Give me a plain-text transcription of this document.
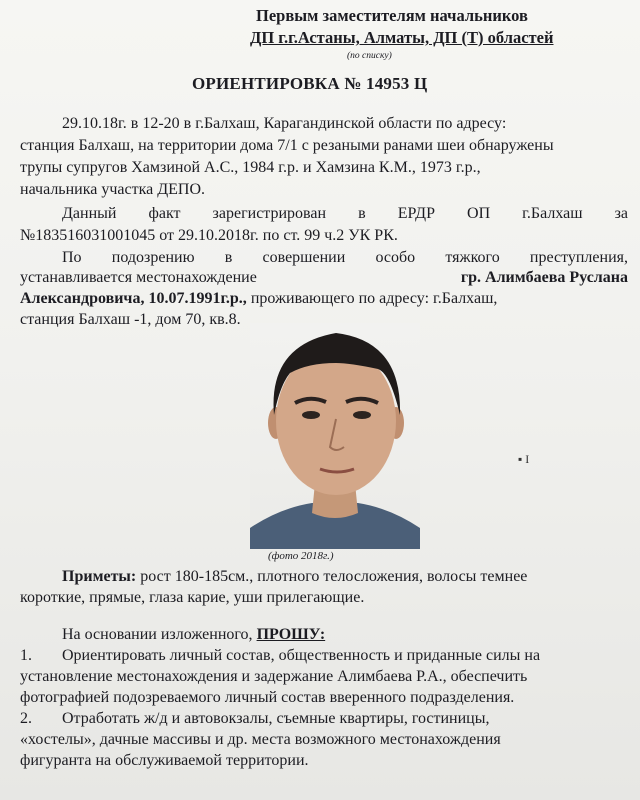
Первым заместителям начальников
ДП г.г.Астаны, Алматы, ДП (Т) областей
(по списку)
ОРИЕНТИРОВКА № 14953 Ц
29.10.18г. в 12-20 в г.Балхаш, Карагандинской области по адресу:
станция Балхаш, на территории дома 7/1 с резаными ранами шеи обнаружены
трупы супругов Хамзиной А.С., 1984 г.р. и Хамзина К.М., 1973 г.р.,
начальника участка ДЕПО.
Данный факт зарегистрирован в ЕРДР ОП г.Балхаш за
№183516031001045 от 29.10.2018г. по ст. 99 ч.2 УК РК.
По подозрению в совершении особо тяжкого преступления,
устанавливается местонахождение	гр. Алимбаева Руслана
Александровича, 10.07.1991г.р., проживающего по адресу: г.Балхаш,
станция Балхаш -1, дом 70, кв.8.
(фото 2018г.)
▪︎ I
Приметы: рост 180-185см., плотного телосложения, волосы темнее
короткие, прямые, глаза карие, уши прилегающие.
На основании изложенного, ПРОШУ:
1. Ориентировать личный состав, общественность и приданные силы на
установление местонахождения и задержание Алимбаева Р.А., обеспечить
фотографией подозреваемого личный состав вверенного подразделения.
2. Отработать ж/д и автовокзалы, съемные квартиры, гостиницы,
«хостелы», дачные массивы и др. места возможного местонахождения
фигуранта на обслуживаемой территории.
